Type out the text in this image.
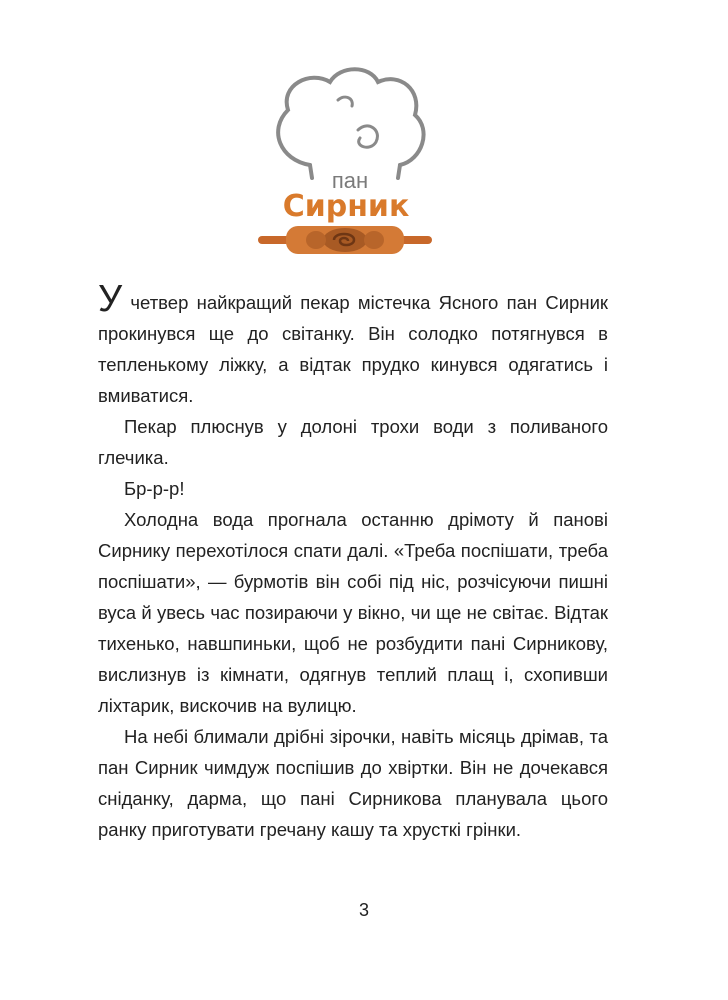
пан
Сирник

У четвер найкращий пекар містечка Ясного пан Сирник прокинувся ще до світанку. Він солодко потягнувся в тепленькому ліжку, а відтак прудко кинувся одягатись і вмиватися.

Пекар плюснув у долоні трохи води з поливаного глечика.

Бр-р-р!

Холодна вода прогнала останню дрімоту й панові Сирнику перехотілося спати далі. «Треба поспішати, треба поспішати», — бурмотів він собі під ніс, розчісуючи пишні вуса й увесь час позираючи у вікно, чи ще не світає. Відтак тихенько, навшпиньки, щоб не розбудити пані Сирникову, вислизнув із кімнати, одягнув теплий плащ і, схопивши ліхтарик, вискочив на вулицю.

На небі блимали дрібні зірочки, навіть місяць дрімав, та пан Сирник чимдуж поспішив до хвіртки. Він не дочекався сніданку, дарма, що пані Сирникова планувала цього ранку приготувати гречану кашу та хрусткі грінки.

3
